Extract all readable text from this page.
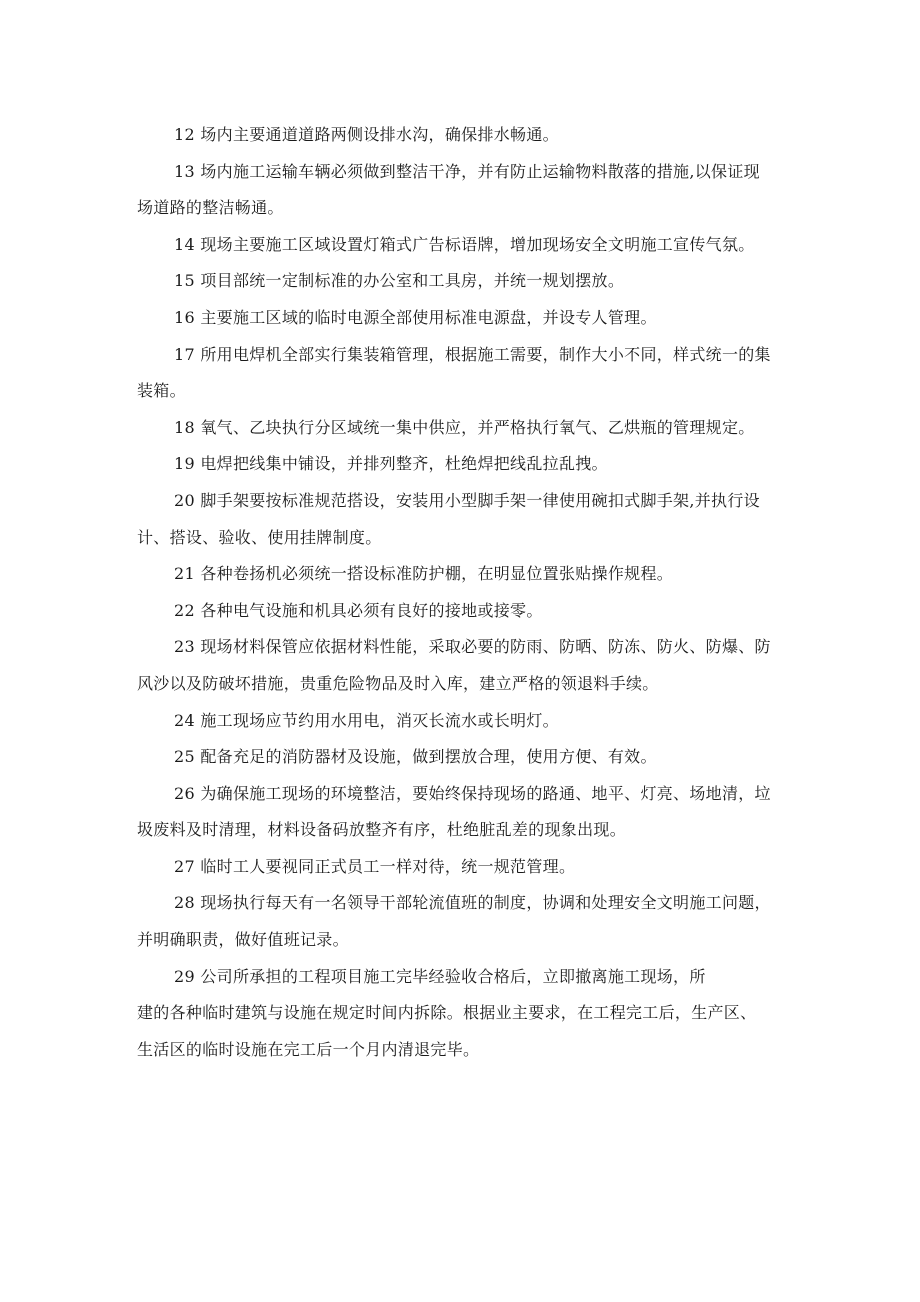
12 场内主要通道道路两侧设排水沟，确保排水畅通。

13 场内施工运输车辆必须做到整洁干净，并有防止运输物料散落的措施,以保证现
场道路的整洁畅通。

14 现场主要施工区域设置灯箱式广告标语牌，增加现场安全文明施工宣传气氛。

15 项目部统一定制标准的办公室和工具房，并统一规划摆放。

16 主要施工区域的临时电源全部使用标准电源盘，并设专人管理。

17 所用电焊机全部实行集装箱管理，根据施工需要，制作大小不同，样式统一的集
装箱。

18 氧气、乙块执行分区域统一集中供应，并严格执行氧气、乙烘瓶的管理规定。

19 电焊把线集中铺设，并排列整齐，杜绝焊把线乱拉乱拽。

20 脚手架要按标准规范搭设，安装用小型脚手架一律使用碗扣式脚手架,并执行设
计、搭设、验收、使用挂牌制度。

21 各种卷扬机必须统一搭设标准防护棚，在明显位置张贴操作规程。

22 各种电气设施和机具必须有良好的接地或接零。

23 现场材料保管应依据材料性能，采取必要的防雨、防晒、防冻、防火、防爆、防
风沙以及防破坏措施，贵重危险物品及时入库，建立严格的领退料手续。

24 施工现场应节约用水用电，消灭长流水或长明灯。

25 配备充足的消防器材及设施，做到摆放合理，使用方便、有效。

26 为确保施工现场的环境整洁，要始终保持现场的路通、地平、灯亮、场地清，垃
圾废料及时清理，材料设备码放整齐有序，杜绝脏乱差的现象出现。

27 临时工人要视同正式员工一样对待，统一规范管理。

28 现场执行每天有一名领导干部轮流值班的制度，协调和处理安全文明施工问题，
并明确职责，做好值班记录。

29 公司所承担的工程项目施工完毕经验收合格后，立即撤离施工现场，所
建的各种临时建筑与设施在规定时间内拆除。根据业主要求，在工程完工后，生产区、
生活区的临时设施在完工后一个月内清退完毕。
